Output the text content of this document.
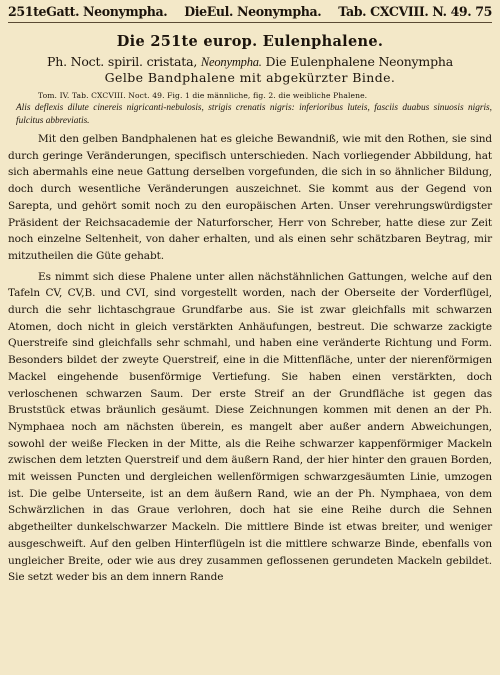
251teGatt. Neonympha. DieEul. Neonympha. Tab. CXCVIII. N. 49. 75
Die 251te europ. Eulenphalene.
Ph. Noct. spiril. cristata, Neonympha. Die Eulenphalene Neonympha
Gelbe Bandphalene mit abgekürzter Binde.
Tom. IV. Tab. CXCVIII. Noct. 49. Fig. 1 die männliche, fig. 2. die weibliche Phalene.
Alis deflexis dilute cinereis nigricanti-nebulosis, strigis crenatis nigris: inferioribus luteis, fasciis duabus sinuosis nigris, fulcitus abbreviatis.

Mit den gelben Bandphalenen hat es gleiche Bewandniß, wie mit den Rothen, sie sind durch geringe Veränderungen, specifisch unterschieden. Nach vorliegender Abbildung, hat sich abermahls eine neue Gattung derselben vorgefunden, die sich in so ähnlicher Bildung, doch durch wesentliche Veränderungen auszeichnet. Sie kommt aus der Gegend von Sarepta, und gehört somit noch zu den europäischen Arten. Unser verehrungswürdigster Präsident der Reichsacademie der Naturforscher, Herr von Schreber, hatte diese zur Zeit noch einzelne Seltenheit, von daher erhalten, und als einen sehr schätzbaren Beytrag, mir mitzutheilen die Güte gehabt.

Es nimmt sich diese Phalene unter allen nächstähnlichen Gattungen, welche auf den Tafeln CV, CV,B. und CVI, sind vorgestellt worden, nach der Oberseite der Vorderflügel, durch die sehr lichtaschgraue Grundfarbe aus. Sie ist zwar gleichfalls mit schwarzen Atomen, doch nicht in gleich verstärkten Anhäufungen, bestreut. Die schwarze zackigte Querstreife sind gleichfalls sehr schmahl, und haben eine veränderte Richtung und Form. Besonders bildet der zweyte Querstreif, eine in die Mittenfläche, unter der nierenförmigen Mackel eingehende busenförmige Vertiefung. Sie haben einen verstärkten, doch verloschenen schwarzen Saum. Der erste Streif an der Grundfläche ist gegen das Bruststück etwas bräunlich gesäumt. Diese Zeichnungen kommen mit denen an der Ph. Nymphaea noch am nächsten überein, es mangelt aber außer andern Abweichungen, sowohl der weiße Flecken in der Mitte, als die Reihe schwarzer kappenförmiger Mackeln zwischen dem letzten Querstreif und dem äußern Rand, der hier hinter den grauen Borden, mit weissen Puncten und dergleichen wellenförmigen schwarzgesäumten Linie, umzogen ist. Die gelbe Unterseite, ist an dem äußern Rand, wie an der Ph. Nymphaea, von dem Schwärzlichen in das Graue verlohren, doch hat sie eine Reihe durch die Sehnen abgetheilter dunkelschwarzer Mackeln. Die mittlere Binde ist etwas breiter, und weniger ausgeschweift. Auf den gelben Hinterflügeln ist die mittlere schwarze Binde, ebenfalls von ungleicher Breite, oder wie aus drey zusammen geflossenen gerundeten Mackeln gebildet. Sie setzt weder bis an dem innern Rande
